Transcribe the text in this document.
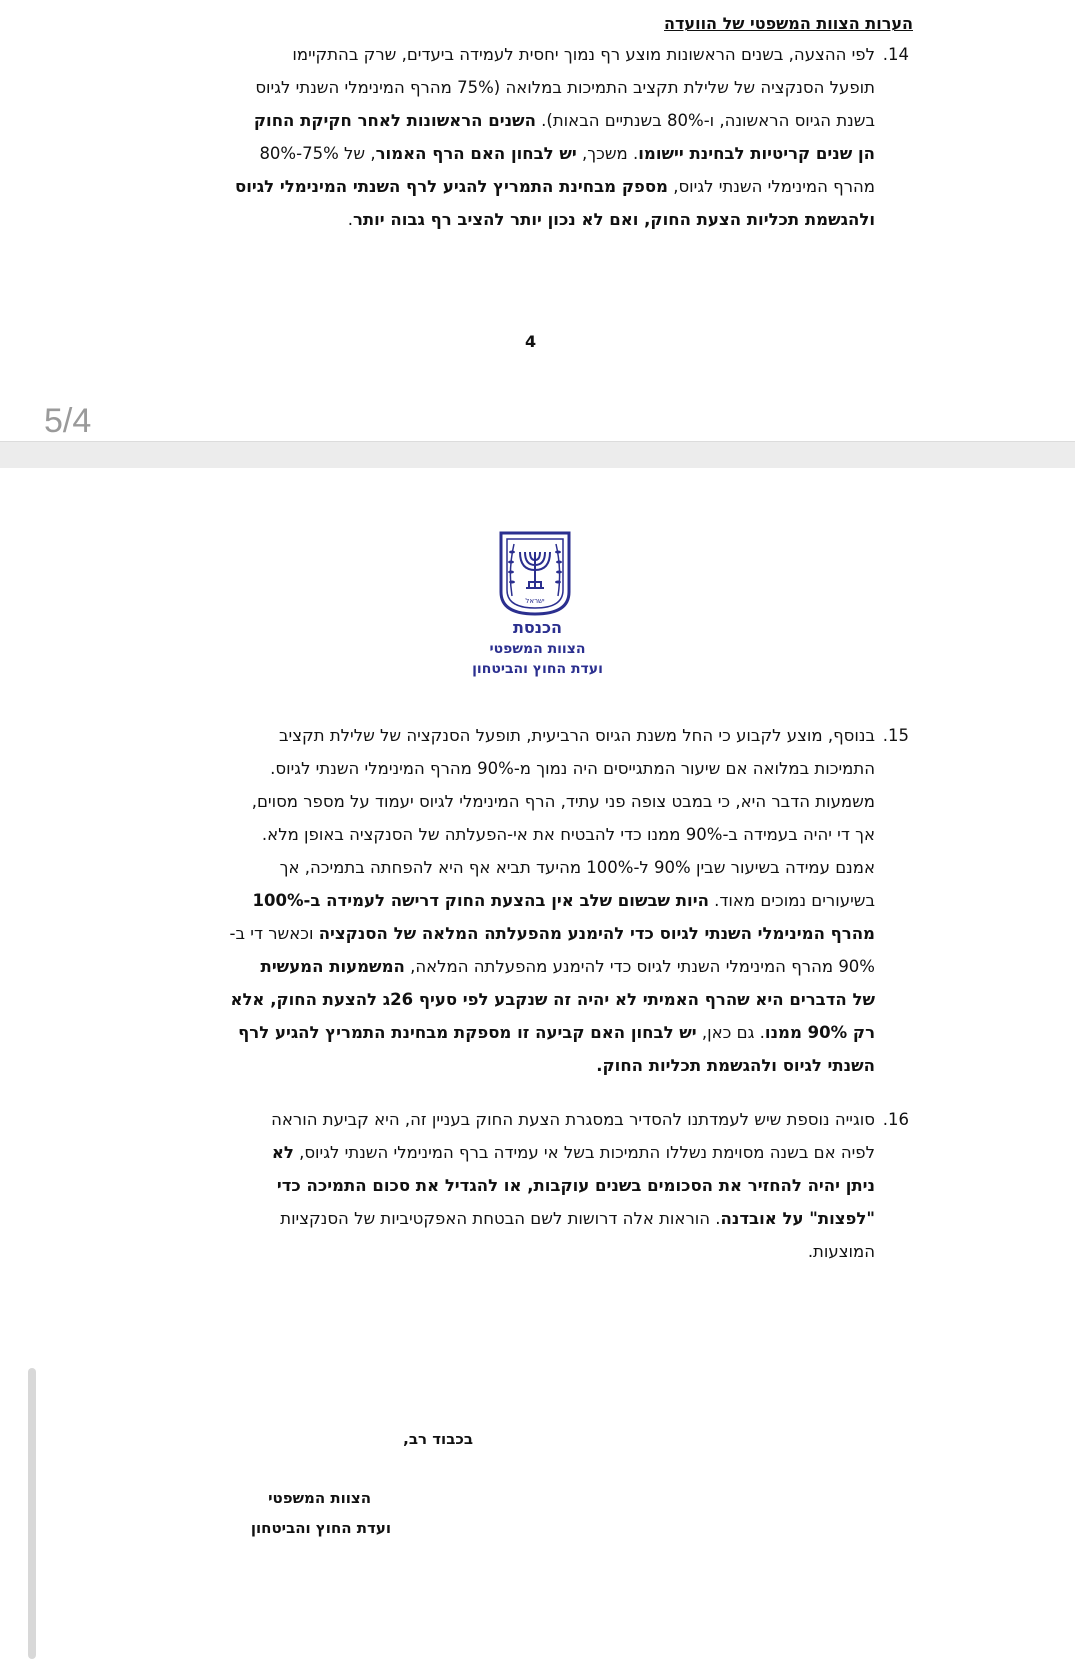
הערות הצוות המשפטי של הוועדה
.14
לפי ההצעה, בשנים הראשונות מוצע רף נמוך יחסית לעמידה ביעדים, שרק בהתקיימו
תופעל הסנקציה של שלילת תקציב התמיכות במלואה (75% מהרף המינימלי השנתי לגיוס
בשנת הגיוס הראשונה, ו-80% בשנתיים הבאות). השנים הראשונות לאחר חקיקת החוק
הן שנים קריטיות לבחינת יישומו. משכך, יש לבחון האם הרף האמור, של 75%-80%
מהרף המינימלי השנתי לגיוס, מספק מבחינת התמריץ להגיע לרף השנתי המינימלי לגיוס
ולהגשמת תכליות הצעת החוק, ואם לא נכון יותר להציב רף גבוה יותר.
4
5/4
ישראל
הכנסת
הצוות המשפטי
ועדת החוץ והביטחון
.15
בנוסף, מוצע לקבוע כי החל משנת הגיוס הרביעית, תופעל הסנקציה של שלילת תקציב
התמיכות במלואה אם שיעור המתגייסים היה נמוך מ-90% מהרף המינימלי השנתי לגיוס.
משמעות הדבר היא, כי במבט צופה פני עתיד, הרף המינימלי לגיוס יעמוד על מספר מסוים,
אך די יהיה בעמידה ב-90% ממנו כדי להבטיח את אי-הפעלתה של הסנקציה באופן מלא.
אמנם עמידה בשיעור שבין 90% ל-100% מהיעד תביא אף היא להפחתה בתמיכה, אך
בשיעורים נמוכים מאוד. היות שבשום שלב אין בהצעת החוק דרישה לעמידה ב-100%
מהרף המינימלי השנתי לגיוס כדי להימנע מהפעלתה המלאה של הסנקציה וכאשר די ב-
90% מהרף המינימלי השנתי לגיוס כדי להימנע מהפעלתה המלאה, המשמעות המעשית
של הדברים היא שהרף האמיתי לא יהיה זה שנקבע לפי סעיף 26ג להצעת החוק, אלא
רק 90% ממנו. גם כאן, יש לבחון האם קביעה זו מספקת מבחינת התמריץ להגיע לרף
השנתי לגיוס ולהגשמת תכליות החוק.
.16
סוגייה נוספת שיש לעמדתנו להסדיר במסגרת הצעת החוק בעניין זה, היא קביעת הוראה
לפיה אם בשנה מסוימת נשללו התמיכות בשל אי עמידה ברף המינימלי השנתי לגיוס, לא
ניתן יהיה להחזיר את הסכומים בשנים עוקבות, או להגדיל את סכום התמיכה כדי
"לפצות" על אובדנה. הוראות אלה דרושות לשם הבטחת האפקטיביות של הסנקציות
המוצעות.
בכבוד רב,
הצוות המשפטי
ועדת החוץ והביטחון
